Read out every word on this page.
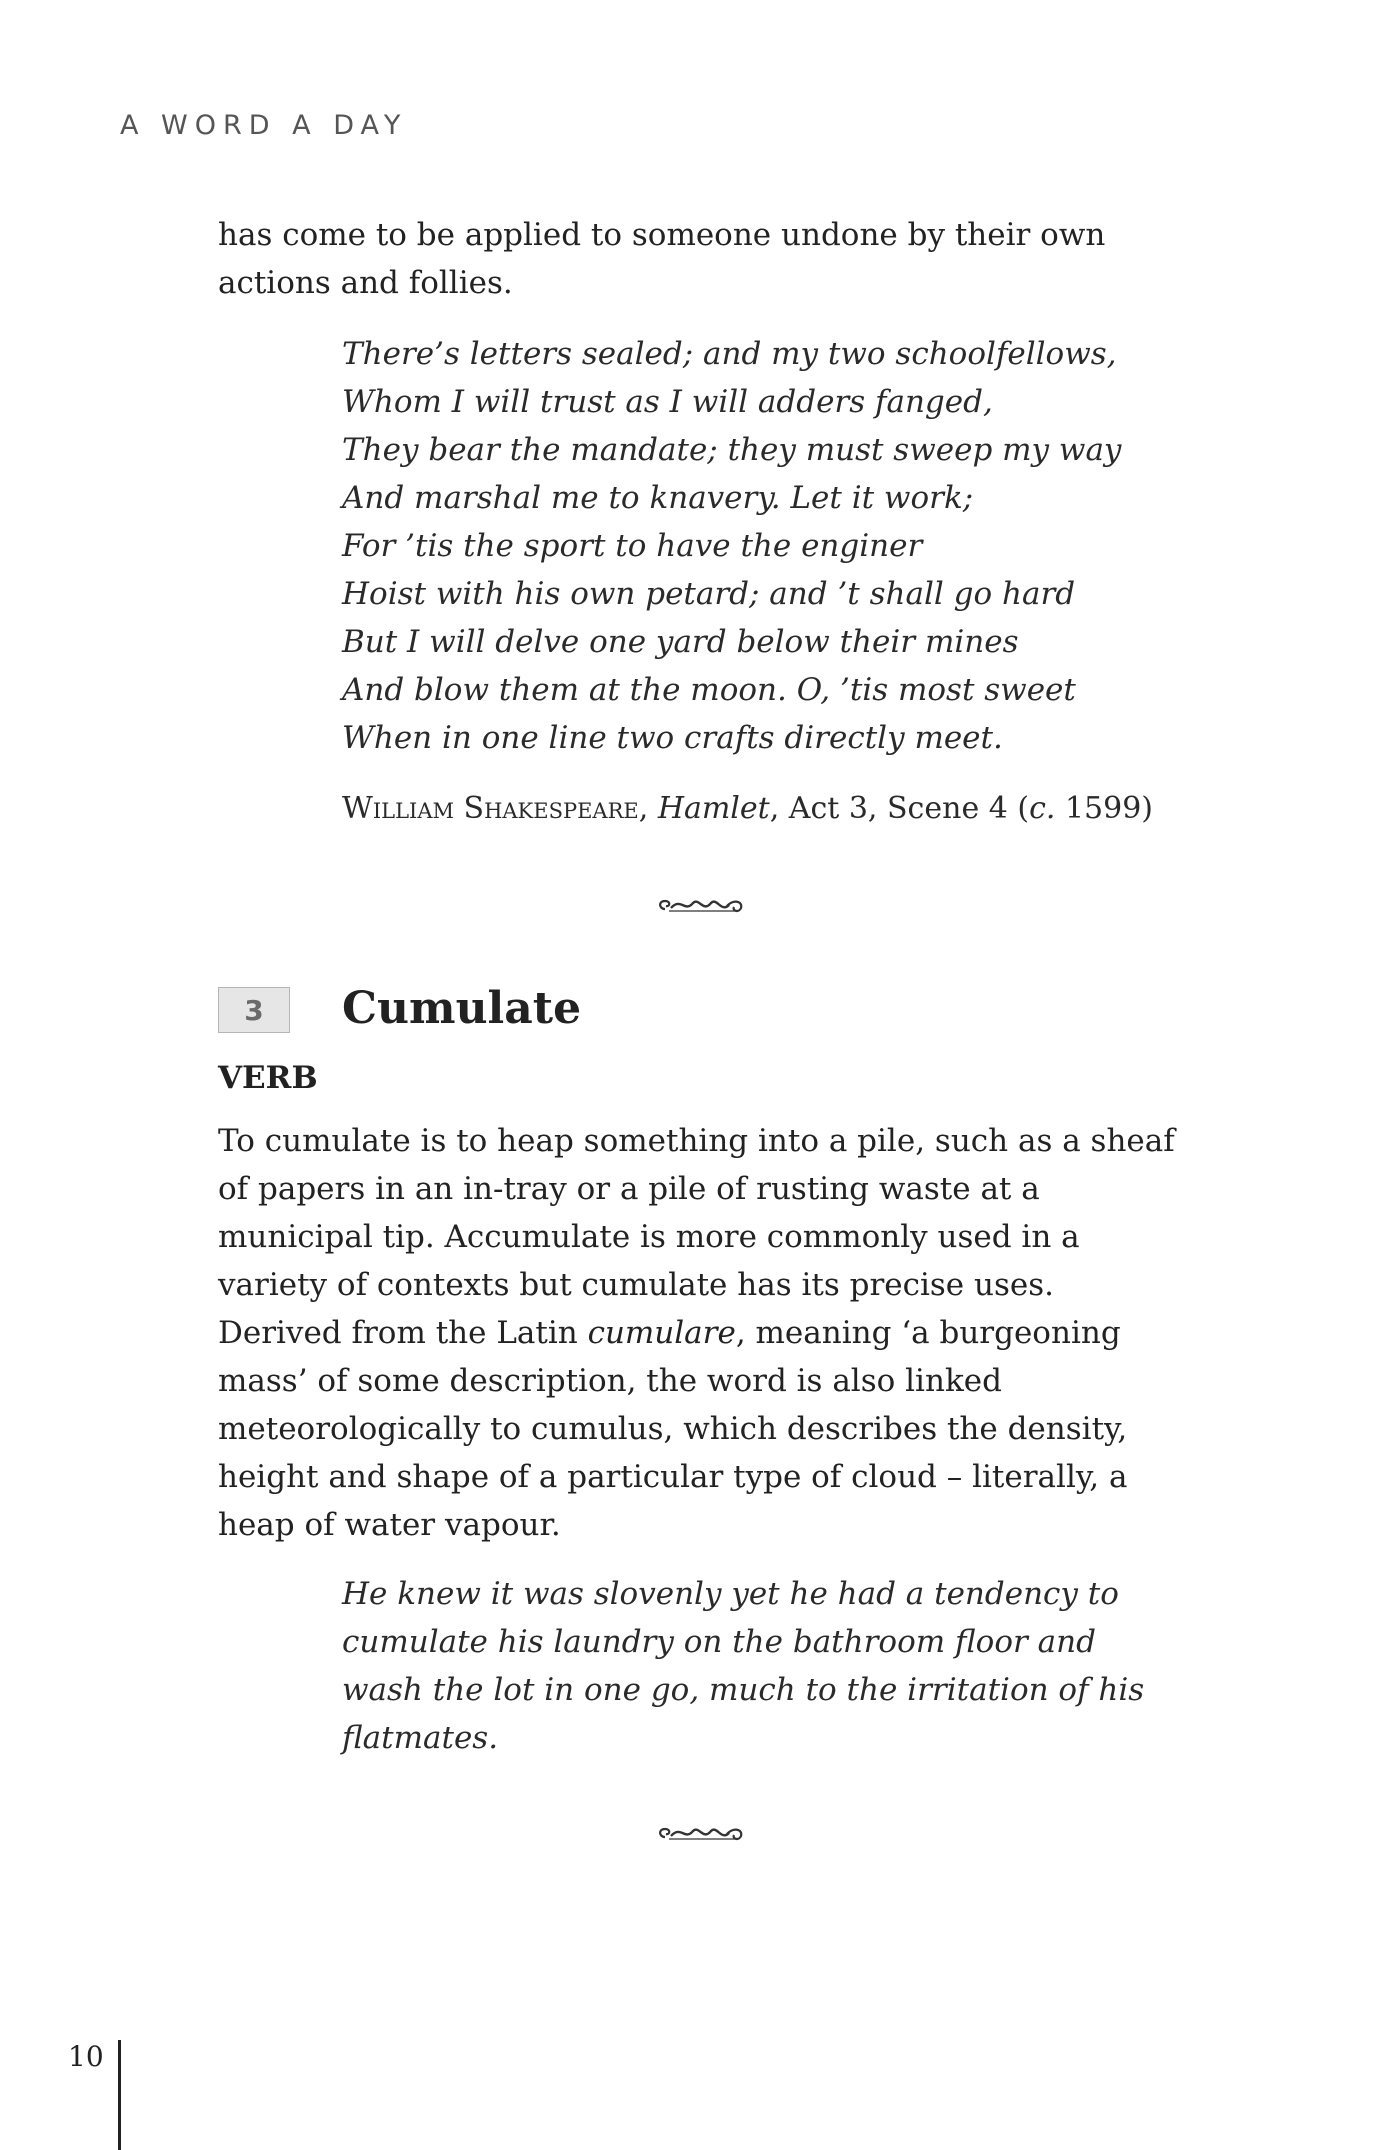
A WORD A DAY
has come to be applied to someone undone by their own actions and follies.
There’s letters sealed; and my two schoolfellows,
Whom I will trust as I will adders fanged,
They bear the mandate; they must sweep my way
And marshal me to knavery. Let it work;
For ’tis the sport to have the enginer
Hoist with his own petard; and ’t shall go hard
But I will delve one yard below their mines
And blow them at the moon. O, ’tis most sweet
When in one line two crafts directly meet.
William Shakespeare, Hamlet, Act 3, Scene 4 (c. 1599)
3	Cumulate
VERB
To cumulate is to heap something into a pile, such as a sheaf of papers in an in-tray or a pile of rusting waste at a municipal tip. Accumulate is more commonly used in a variety of contexts but cumulate has its precise uses. Derived from the Latin cumulare, meaning ‘a burgeoning mass’ of some description, the word is also linked meteorologically to cumulus, which describes the density, height and shape of a particular type of cloud – literally, a heap of water vapour.
He knew it was slovenly yet he had a tendency to cumulate his laundry on the bathroom floor and wash the lot in one go, much to the irritation of his flatmates.
10
